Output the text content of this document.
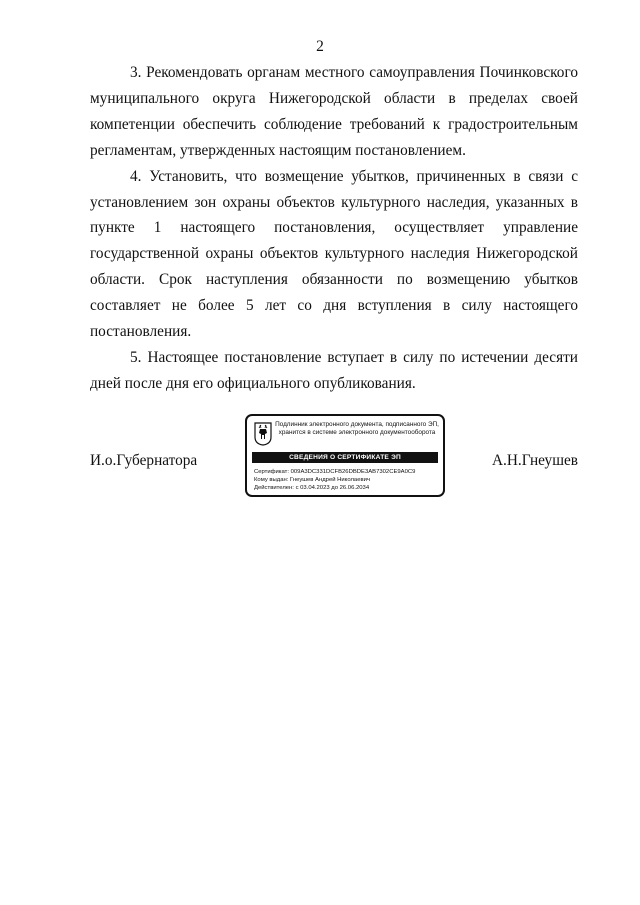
2

3. Рекомендовать органам местного самоуправления Починковского муниципального округа Нижегородской области в пределах своей компетенции обеспечить соблюдение требований к градостроительным регламентам, утвержденных настоящим постановлением.

4. Установить, что возмещение убытков, причиненных в связи с установлением зон охраны объектов культурного наследия, указанных в пункте 1 настоящего постановления, осуществляет управление государственной охраны объектов культурного наследия Нижегородской области. Срок наступления обязанности по возмещению убытков составляет не более 5 лет со дня вступления в силу настоящего постановления.

5. Настоящее постановление вступает в силу по истечении десяти дней после дня его официального опубликования.

И.о.Губернатора
Подлинник электронного документа, подписанного ЭП,
хранится в системе электронного документооборота
СВЕДЕНИЯ О СЕРТИФИКАТЕ ЭП
Сертификат: 009A3DC331DCFB26DBDE3AB7302CE9A0C9
Кому выдан: Гнеушев Андрей Николаевич
Действителен: с 03.04.2023 до 26.06.2034
А.Н.Гнеушев
